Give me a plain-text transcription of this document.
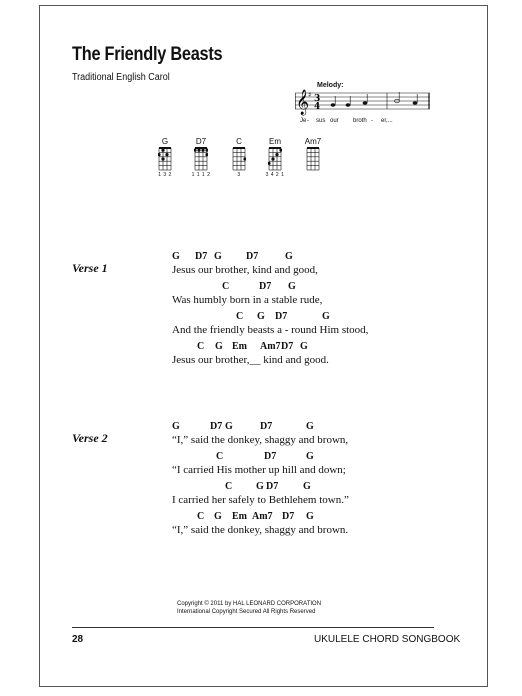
The Friendly Beasts
Traditional English Carol
Melody:
𝄞
♯ 3
4
Je - sus our broth - er,...
G
1 3 2
D7
1 1 1 2
C
3
Em
3 4 2 1
Am7
Verse 1
G D7 G D7	G
Jesus our brother, kind and good,
C	D7 G
Was humbly born in a stable rude,
C G D7	G
And the friendly beasts a - round Him stood,
C G Em Am7 D7 G
Jesus our brother,__ kind and good.
Verse 2
G	D7 G	D7	G
“I,” said the donkey, shaggy and brown,
C	D7	G
“I carried His mother up hill and down;
C G D7 G
I carried her safely to Bethlehem town.”
C G Em Am7 D7 G
“I,” said the donkey, shaggy and brown.
Copyright © 2011 by HAL LEONARD CORPORATION
International Copyright Secured All Rights Reserved
28	UKULELE CHORD SONGBOOK
